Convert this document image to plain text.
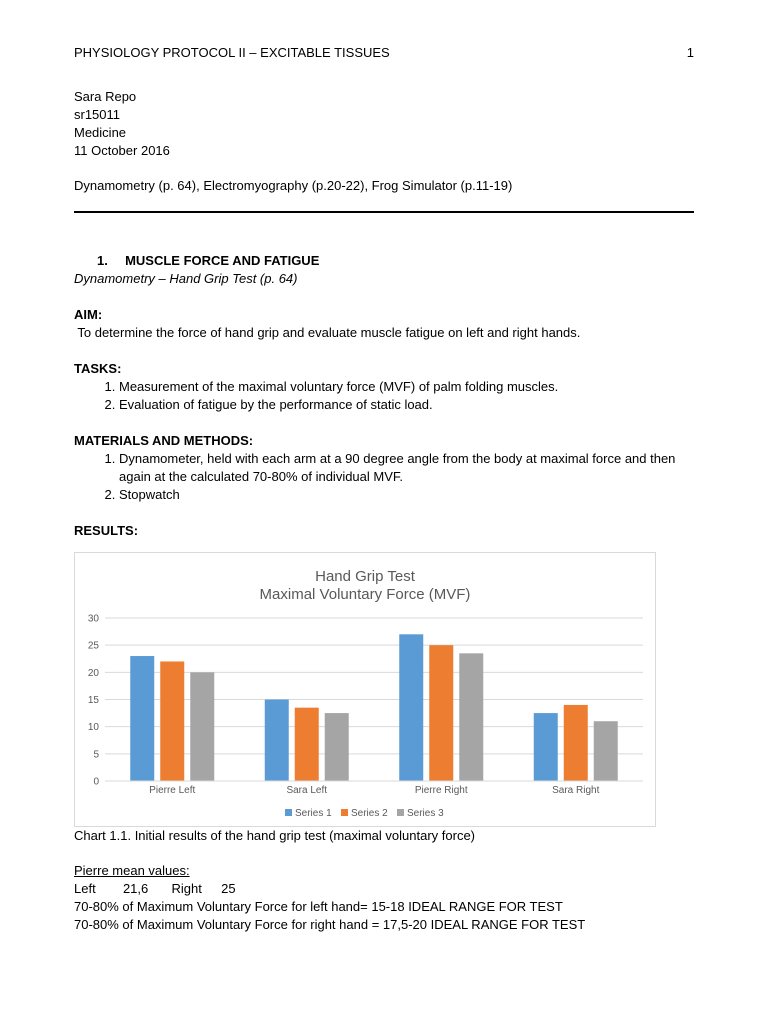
PHYSIOLOGY PROTOCOL II – EXCITABLE TISSUES	1
Sara Repo
sr15011
Medicine
11 October 2016
Dynamometry (p. 64), Electromyography (p.20-22), Frog Simulator (p.11-19)
1. MUSCLE FORCE AND FATIGUE
Dynamometry – Hand Grip Test (p. 64)
AIM:
To determine the force of hand grip and evaluate muscle fatigue on left and right hands.
TASKS:
1. Measurement of the maximal voluntary force (MVF) of palm folding muscles.
2. Evaluation of fatigue by the performance of static load.
MATERIALS AND METHODS:
1. Dynamometer, held with each arm at a 90 degree angle from the body at maximal force and then again at the calculated 70-80% of individual MVF.
2. Stopwatch
RESULTS:
Hand Grip Test
Maximal Voluntary Force (MVF)
0
5
10
15
20
25
30
Pierre Left	Sara Left	Pierre Right	Sara Right
Series 1 Series 2 Series 3
Chart 1.1. Initial results of the hand grip test (maximal voluntary force)
Pierre mean values:
Left 21,6 Right 25
70-80% of Maximum Voluntary Force for left hand= 15-18 IDEAL RANGE FOR TEST
70-80% of Maximum Voluntary Force for right hand = 17,5-20 IDEAL RANGE FOR TEST
